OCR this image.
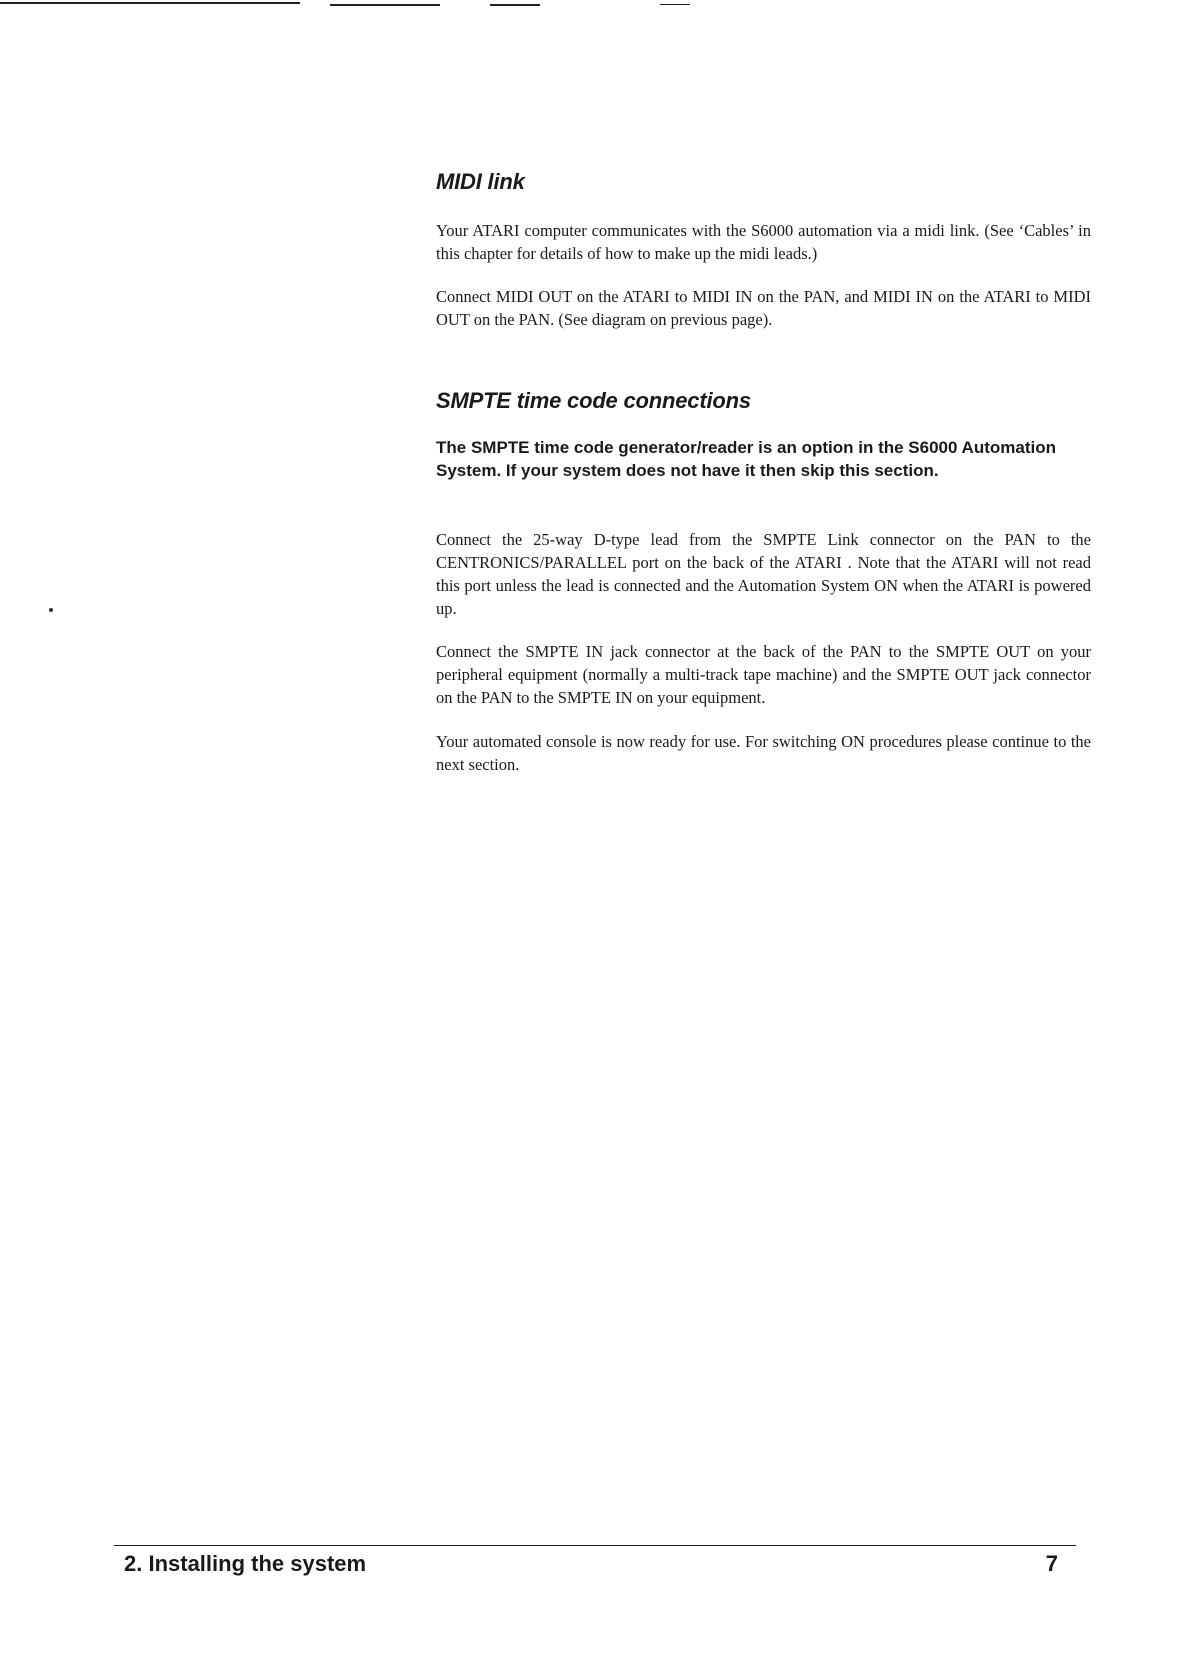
MIDI link

Your ATARI computer communicates with the S6000 automation via a midi link. (See ‘Cables’ in this chapter for details of how to make up the midi leads.)

Connect MIDI OUT on the ATARI to MIDI IN on the PAN, and MIDI IN on the ATARI to MIDI OUT on the PAN. (See diagram on previous page).

SMPTE time code connections

The SMPTE time code generator/reader is an option in the S6000 Automation System. If your system does not have it then skip this section.

Connect the 25-way D-type lead from the SMPTE Link connector on the PAN to the CENTRONICS/PARALLEL port on the back of the ATARI . Note that the ATARI will not read this port unless the lead is connected and the Automation System ON when the ATARI is powered up.

Connect the SMPTE IN jack connector at the back of the PAN to the SMPTE OUT on your peripheral equipment (normally a multi-track tape machine) and the SMPTE OUT jack connector on the PAN to the SMPTE IN on your equipment.

Your automated console is now ready for use. For switching ON procedures please continue to the next section.

2. Installing the system	7
